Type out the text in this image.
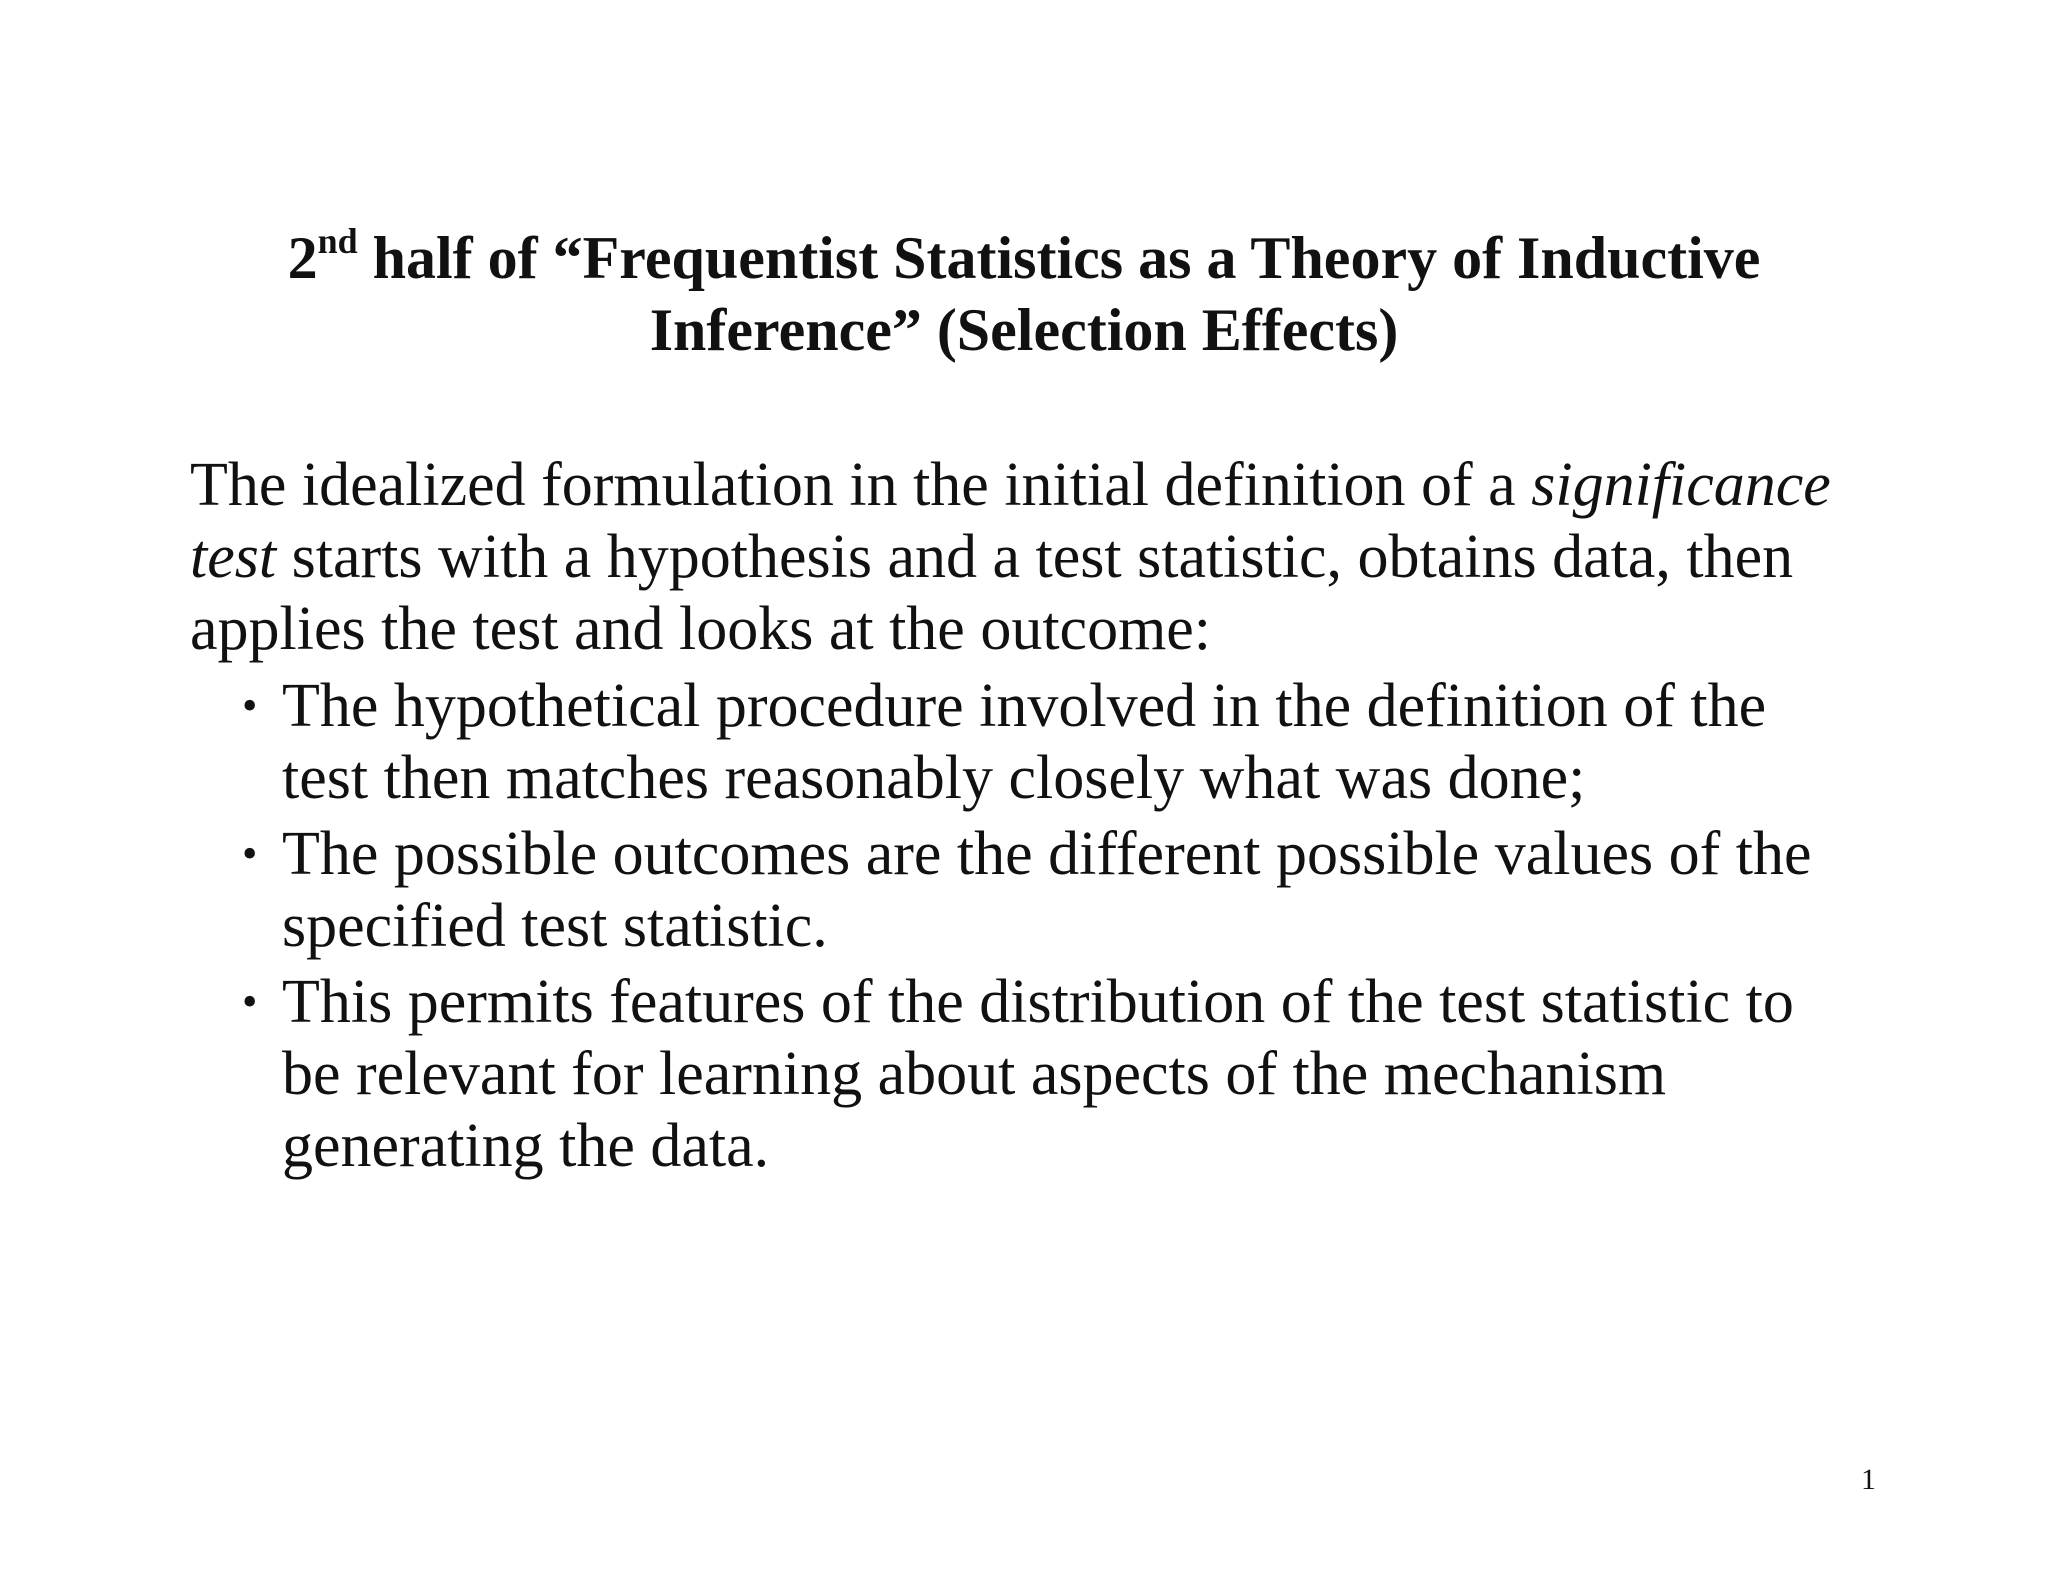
2nd half of “Frequentist Statistics as a Theory of Inductive
Inference” (Selection Effects)

The idealized formulation in the initial definition of a significance
test starts with a hypothesis and a test statistic, obtains data, then
applies the test and looks at the outcome:

• The hypothetical procedure involved in the definition of the
test then matches reasonably closely what was done;
• The possible outcomes are the different possible values of the
specified test statistic.
• This permits features of the distribution of the test statistic to
be relevant for learning about aspects of the mechanism
generating the data.
1
